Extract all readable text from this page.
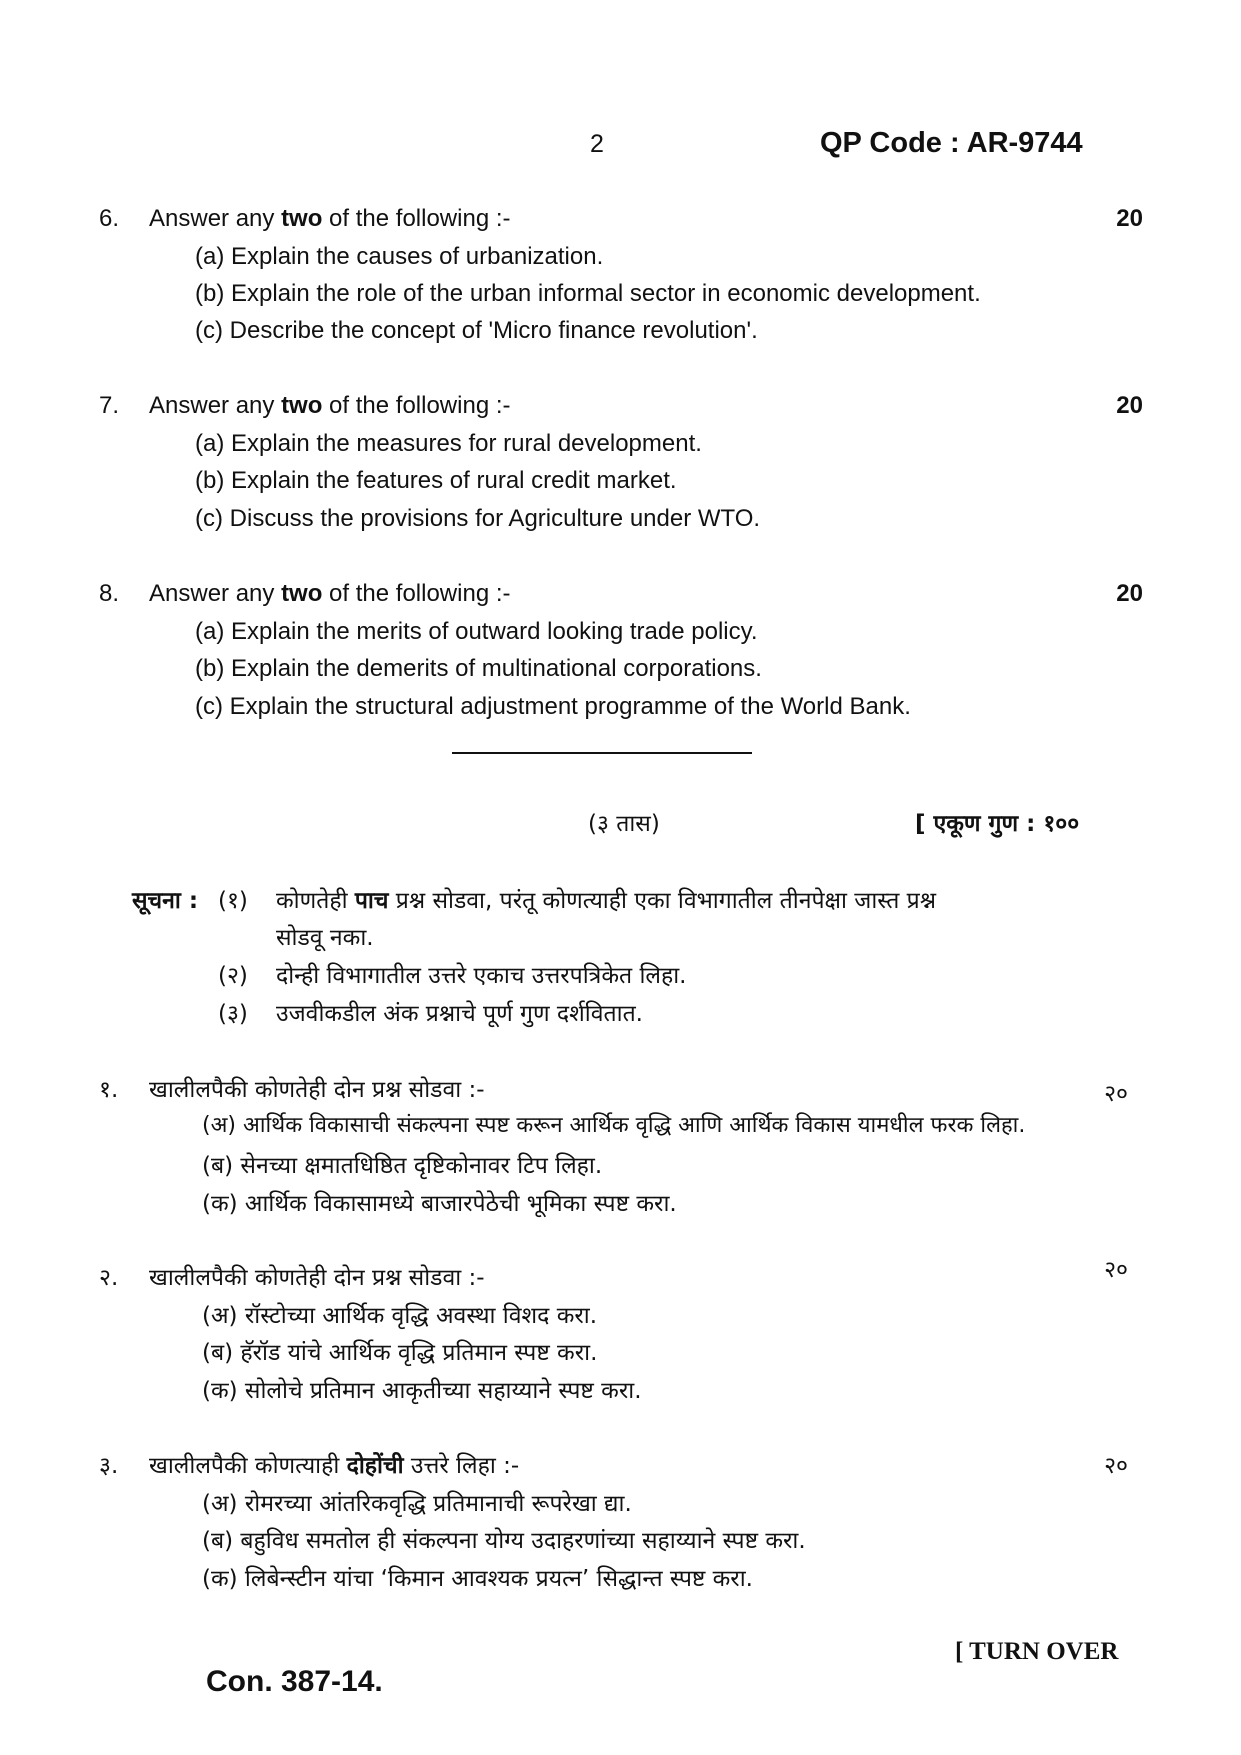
2	QP Code : AR-9744
6. Answer any two of the following :-	20
(a) Explain the causes of urbanization.
(b) Explain the role of the urban informal sector in economic development.
(c) Describe the concept of 'Micro finance revolution'.
7. Answer any two of the following :-	20
(a) Explain the measures for rural development.
(b) Explain the features of rural credit market.
(c) Discuss the provisions for Agriculture under WTO.
8. Answer any two of the following :-	20
(a) Explain the merits of outward looking trade policy.
(b) Explain the demerits of multinational corporations.
(c) Explain the structural adjustment programme of the World Bank.
(३ तास)	[ एकूण गुण : १००
सूचना : (१) कोणतेही पाच प्रश्न सोडवा, परंतू कोणत्याही एका विभागातील तीनपेक्षा जास्त प्रश्न
सोडवू नका.
(२) दोन्ही विभागातील उत्तरे एकाच उत्तरपत्रिकेत लिहा.
(३) उजवीकडील अंक प्रश्नाचे पूर्ण गुण दर्शवितात.
१. खालीलपैकी कोणतेही दोन प्रश्न सोडवा :-	२०
(अ) आर्थिक विकासाची संकल्पना स्पष्ट करून आर्थिक वृद्धि आणि आर्थिक विकास यामधील फरक लिहा.
(ब) सेनच्या क्षमातधिष्ठित दृष्टिकोनावर टिप लिहा.
(क) आर्थिक विकासामध्ये बाजारपेठेची भूमिका स्पष्ट करा.
२. खालीलपैकी कोणतेही दोन प्रश्न सोडवा :-	२०
(अ) रॉस्टोच्या आर्थिक वृद्धि अवस्था विशद करा.
(ब) हॅरॉड यांचे आर्थिक वृद्धि प्रतिमान स्पष्ट करा.
(क) सोलोचे प्रतिमान आकृतीच्या सहाय्याने स्पष्ट करा.
३. खालीलपैकी कोणत्याही दोहोंची उत्तरे लिहा :-	२०
(अ) रोमरच्या आंतरिकवृद्धि प्रतिमानाची रूपरेखा द्या.
(ब) बहुविध समतोल ही संकल्पना योग्य उदाहरणांच्या सहाय्याने स्पष्ट करा.
(क) लिबेन्स्टीन यांचा ‘किमान आवश्यक प्रयत्न’ सिद्धान्त स्पष्ट करा.
[ TURN OVER
Con. 387-14.
